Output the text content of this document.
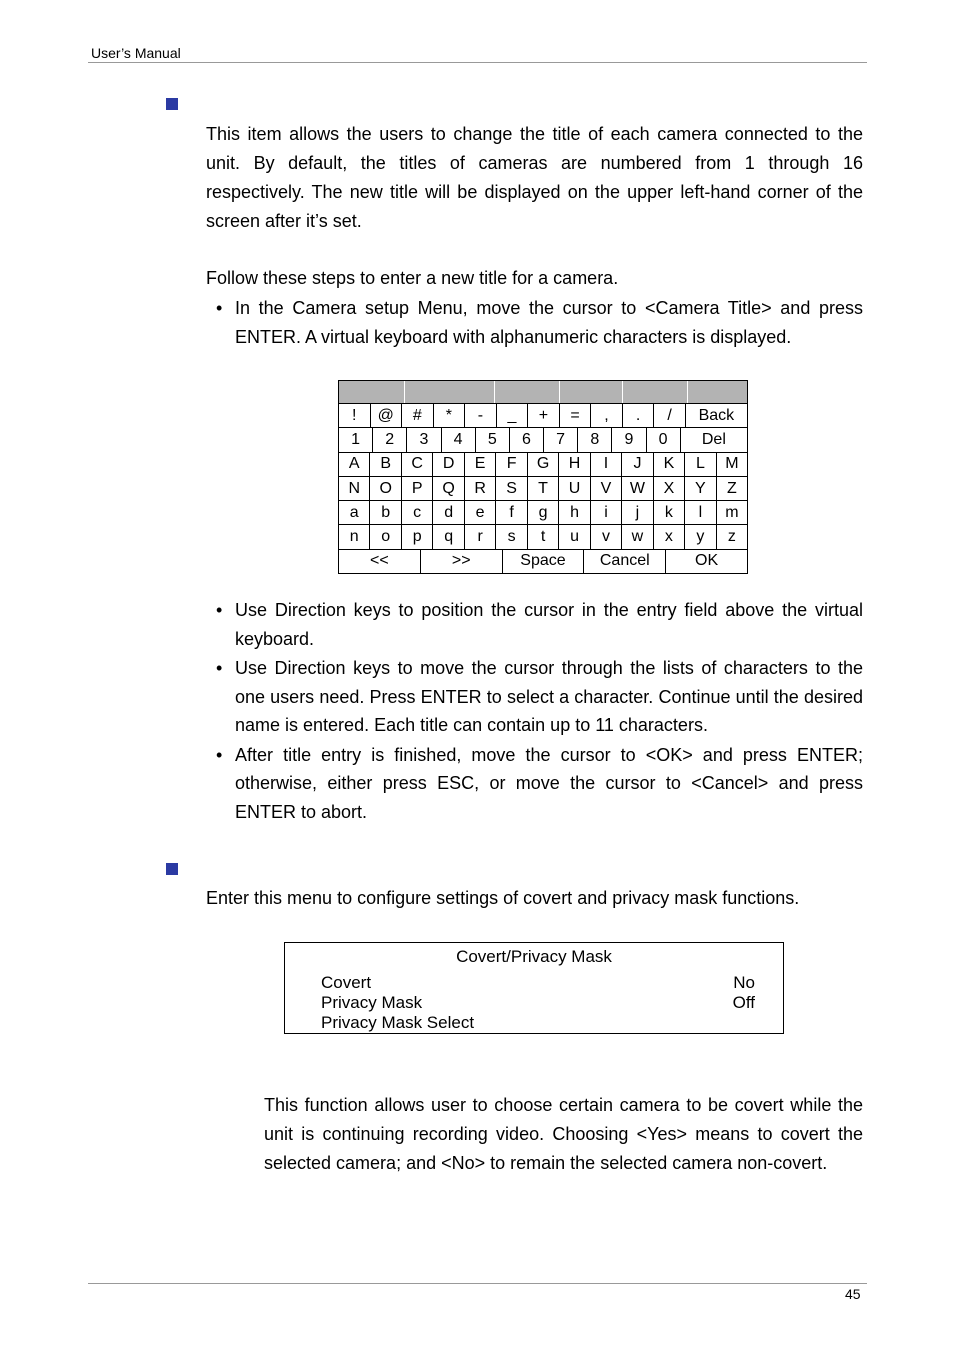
User’s Manual
This item allows the users to change the title of each camera connected to the unit. By default, the titles of cameras are numbered from 1 through 16 respectively. The new title will be displayed on the upper left-hand corner of the screen after it’s set.
Follow these steps to enter a new title for a camera.
• In the Camera setup Menu, move the cursor to <Camera Title> and press ENTER. A virtual keyboard with alphanumeric characters is displayed.
!	@	#	*	-	_	+	=	,	.	/	Back
1	2	3	4	5	6	7	8	9	0	Del
A	B	C	D	E	F	G	H	I	J	K	L	M
N	O	P	Q	R	S	T	U	V	W	X	Y	Z
a	b	c	d	e	f	g	h	i	j	k	l	m
n	o	p	q	r	s	t	u	v	w	x	y	z
<<	>>	Space	Cancel	OK
• Use Direction keys to position the cursor in the entry field above the virtual keyboard.
• Use Direction keys to move the cursor through the lists of characters to the one users need. Press ENTER to select a character. Continue until the desired name is entered. Each title can contain up to 11 characters.
• After title entry is finished, move the cursor to <OK> and press ENTER; otherwise, either press ESC, or move the cursor to <Cancel> and press ENTER to abort.
Enter this menu to configure settings of covert and privacy mask functions.
Covert/Privacy Mask
Covert	No
Privacy Mask	Off
Privacy Mask Select
This function allows user to choose certain camera to be covert while the unit is continuing recording video. Choosing <Yes> means to covert the selected camera; and <No> to remain the selected camera non-covert.
45
